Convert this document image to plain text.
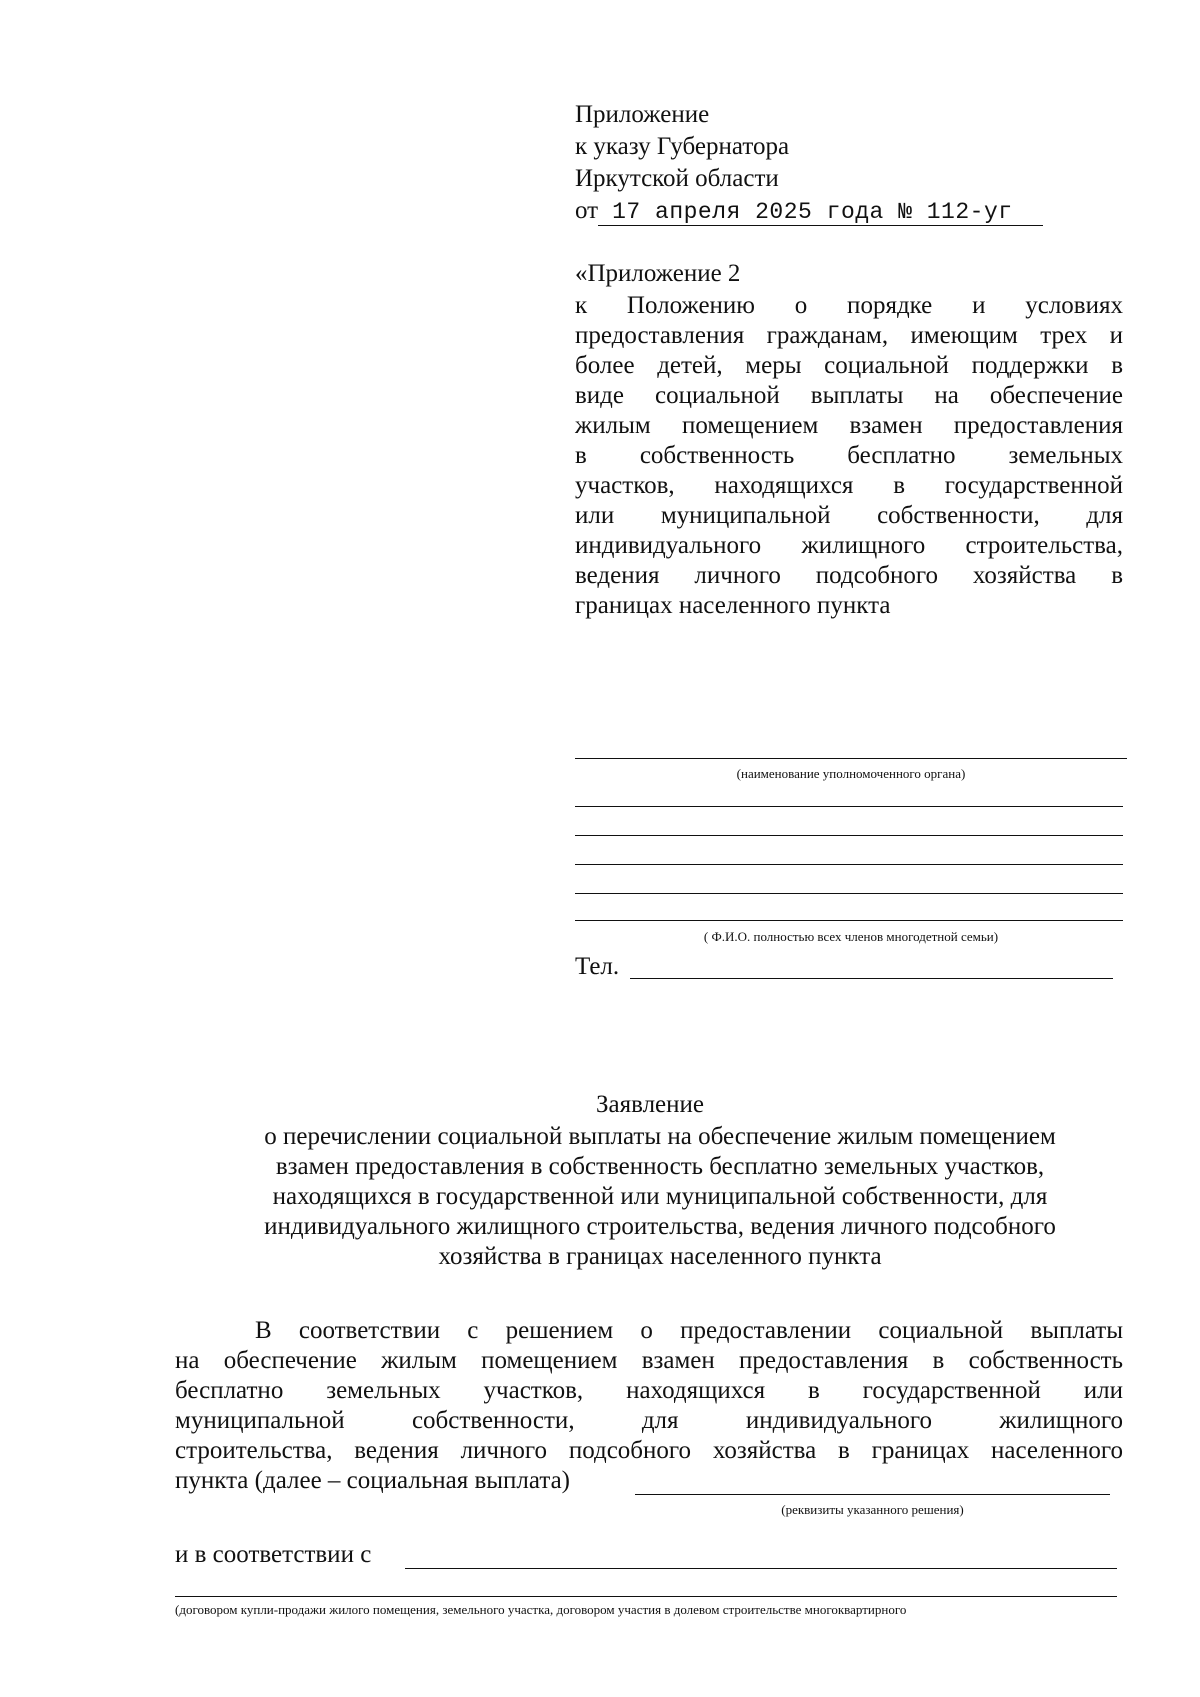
Приложение
к указу Губернатора
Иркутской области
от 17 апреля 2025 года № 112-уг
«Приложение 2
к Положению о порядке и условиях
предоставления гражданам, имеющим трех и
более детей, меры социальной поддержки в
виде социальной выплаты на обеспечение
жилым помещением взамен предоставления
в собственность бесплатно земельных
участков, находящихся в государственной
или муниципальной собственности, для
индивидуального жилищного строительства,
ведения личного подсобного хозяйства в
границах населенного пункта
(наименование уполномоченного органа)
( Ф.И.О. полностью всех членов многодетной семьи)
Тел.
Заявление
о перечислении социальной выплаты на обеспечение жилым помещением
взамен предоставления в собственность бесплатно земельных участков,
находящихся в государственной или муниципальной собственности, для
индивидуального жилищного строительства, ведения личного подсобного
хозяйства в границах населенного пункта
В соответствии с решением о предоставлении социальной выплаты
на обеспечение жилым помещением взамен предоставления в собственность
бесплатно земельных участков, находящихся в государственной или
муниципальной собственности, для индивидуального жилищного
строительства, ведения личного подсобного хозяйства в границах населенного
пункта (далее – социальная выплата)
(реквизиты указанного решения)
и в соответствии с
(договором купли-продажи жилого помещения, земельного участка, договором участия в долевом строительстве многоквартирного
